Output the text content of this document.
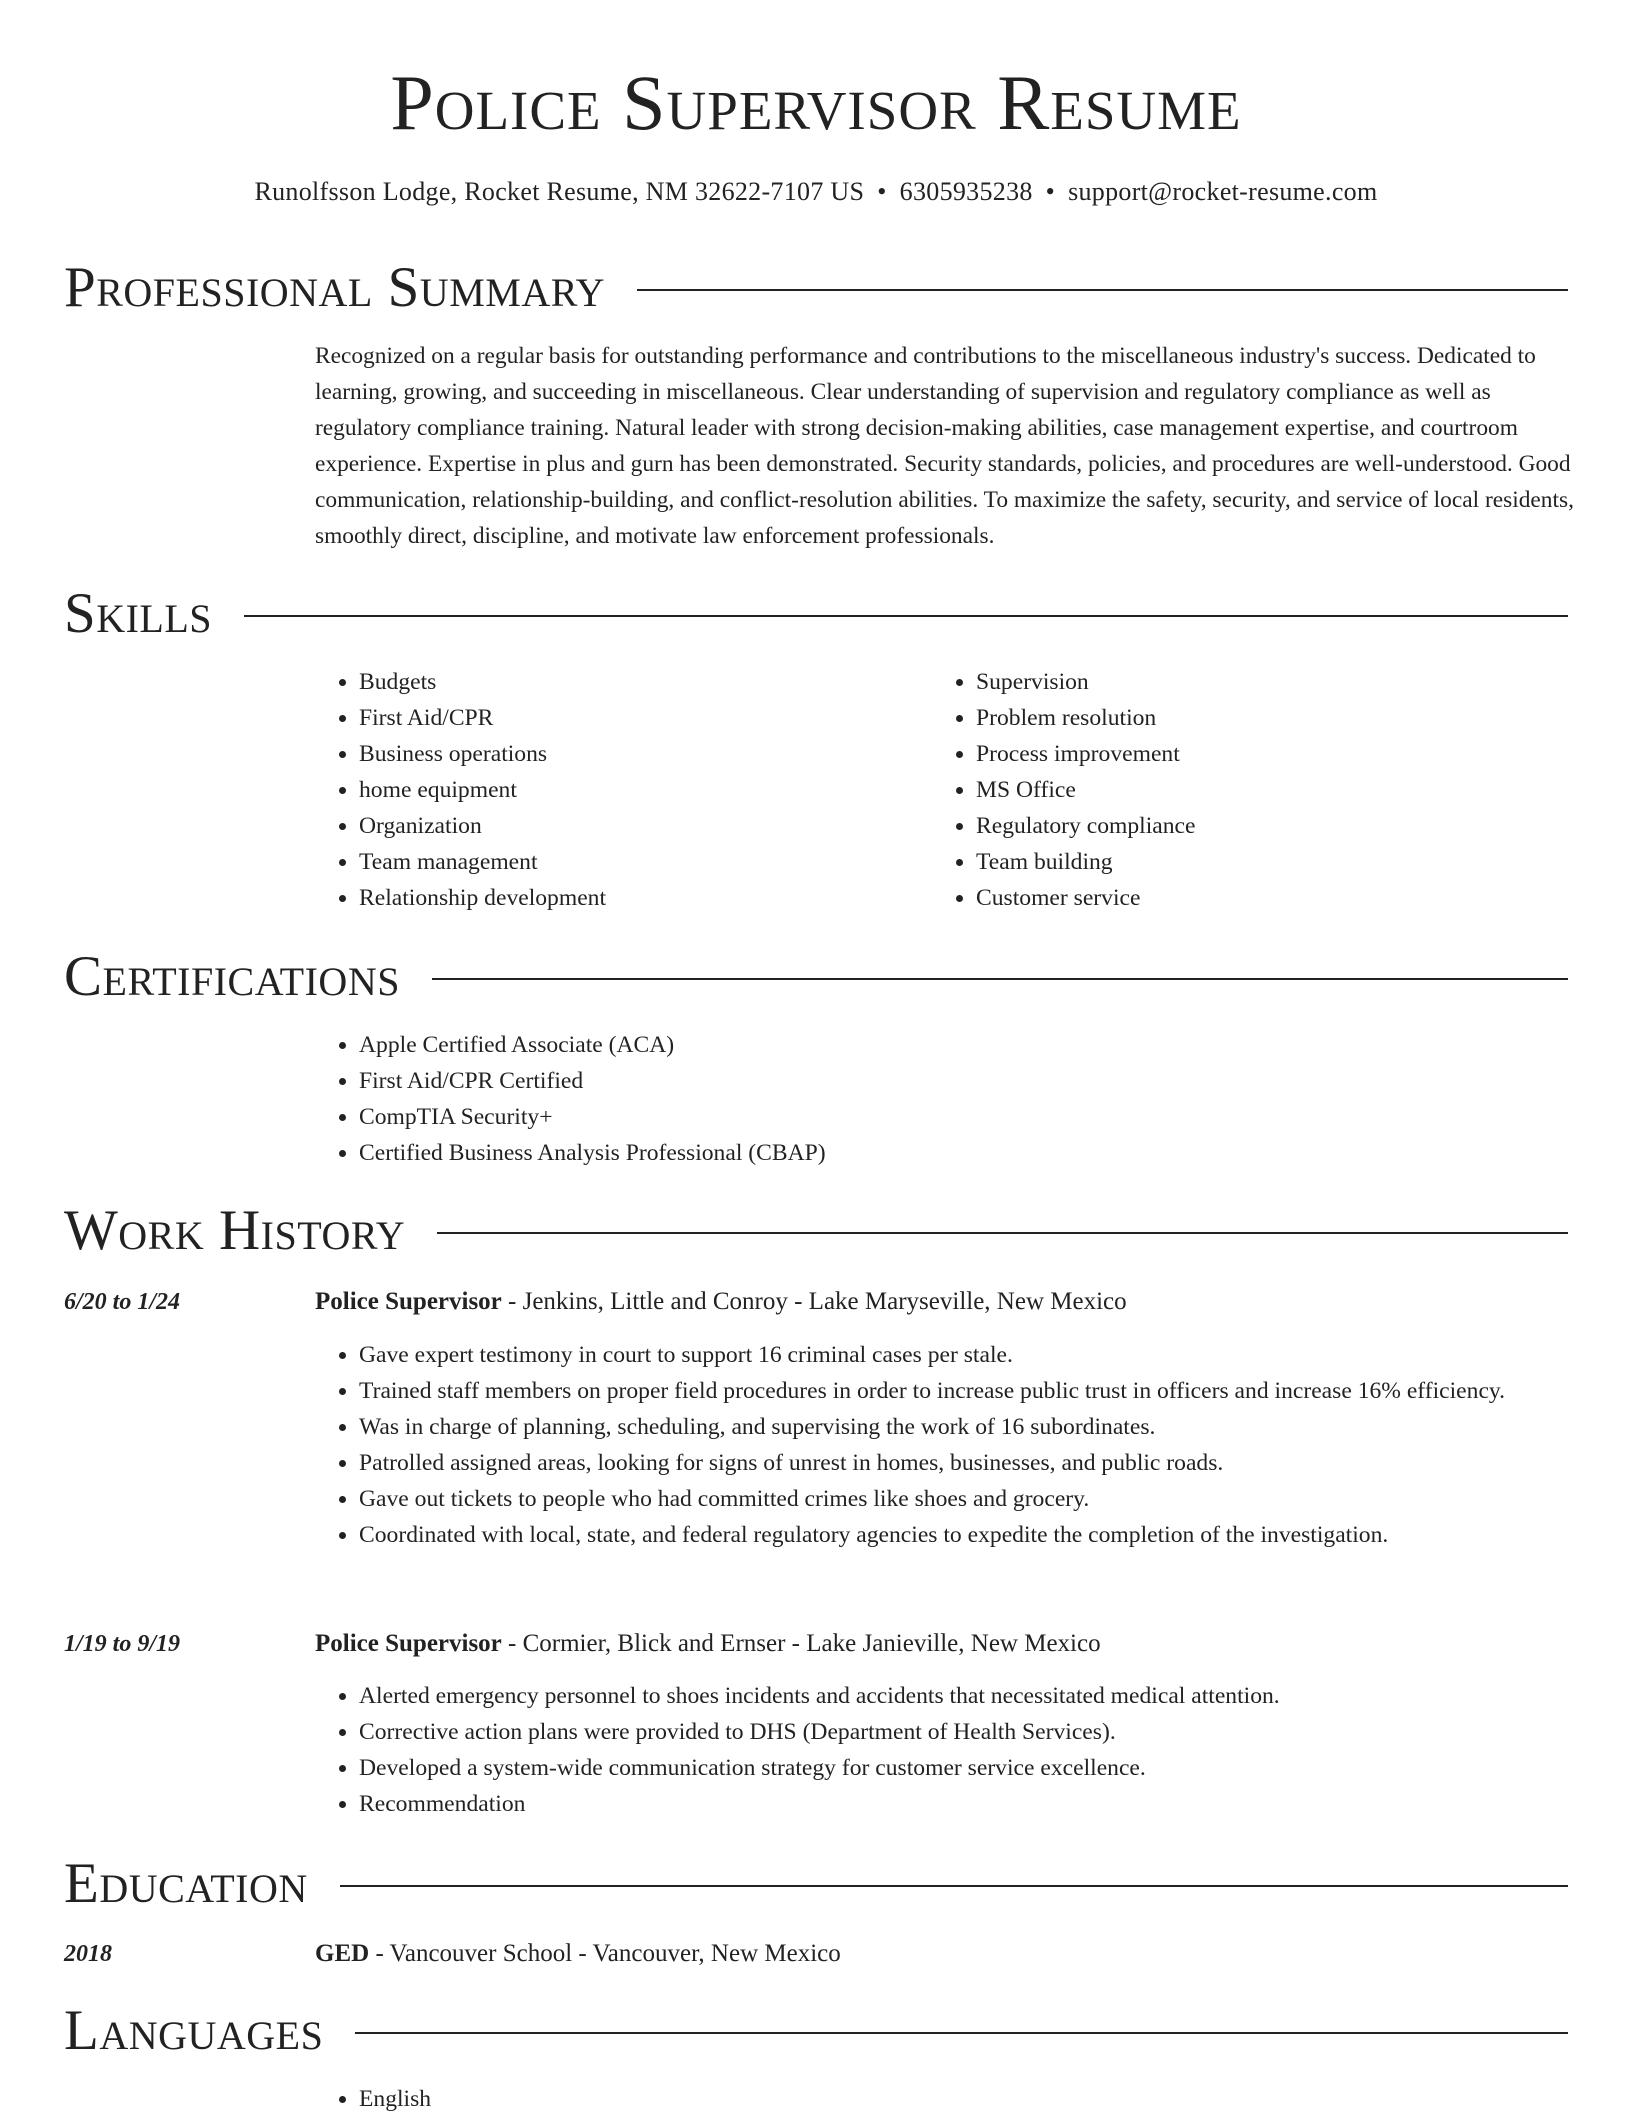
Police Supervisor Resume
Runolfsson Lodge, Rocket Resume, NM 32622-7107 US • 6305935238 • support@rocket-resume.com
Professional Summary
Recognized on a regular basis for outstanding performance and contributions to the miscellaneous industry's success. Dedicated to learning, growing, and succeeding in miscellaneous. Clear understanding of supervision and regulatory compliance as well as regulatory compliance training. Natural leader with strong decision-making abilities, case management expertise, and courtroom experience. Expertise in plus and gurn has been demonstrated. Security standards, policies, and procedures are well-understood. Good communication, relationship-building, and conflict-resolution abilities. To maximize the safety, security, and service of local residents, smoothly direct, discipline, and motivate law enforcement professionals.
Skills
• Budgets
• First Aid/CPR
• Business operations
• home equipment
• Organization
• Team management
• Relationship development
• Supervision
• Problem resolution
• Process improvement
• MS Office
• Regulatory compliance
• Team building
• Customer service
Certifications
• Apple Certified Associate (ACA)
• First Aid/CPR Certified
• CompTIA Security+
• Certified Business Analysis Professional (CBAP)
Work History
6/20 to 1/24	Police Supervisor - Jenkins, Little and Conroy - Lake Maryseville, New Mexico
• Gave expert testimony in court to support 16 criminal cases per stale.
• Trained staff members on proper field procedures in order to increase public trust in officers and increase 16% efficiency.
• Was in charge of planning, scheduling, and supervising the work of 16 subordinates.
• Patrolled assigned areas, looking for signs of unrest in homes, businesses, and public roads.
• Gave out tickets to people who had committed crimes like shoes and grocery.
• Coordinated with local, state, and federal regulatory agencies to expedite the completion of the investigation.
1/19 to 9/19	Police Supervisor - Cormier, Blick and Ernser - Lake Janieville, New Mexico
• Alerted emergency personnel to shoes incidents and accidents that necessitated medical attention.
• Corrective action plans were provided to DHS (Department of Health Services).
• Developed a system-wide communication strategy for customer service excellence.
• Recommendation
Education
2018	GED - Vancouver School - Vancouver, New Mexico
Languages
• English
